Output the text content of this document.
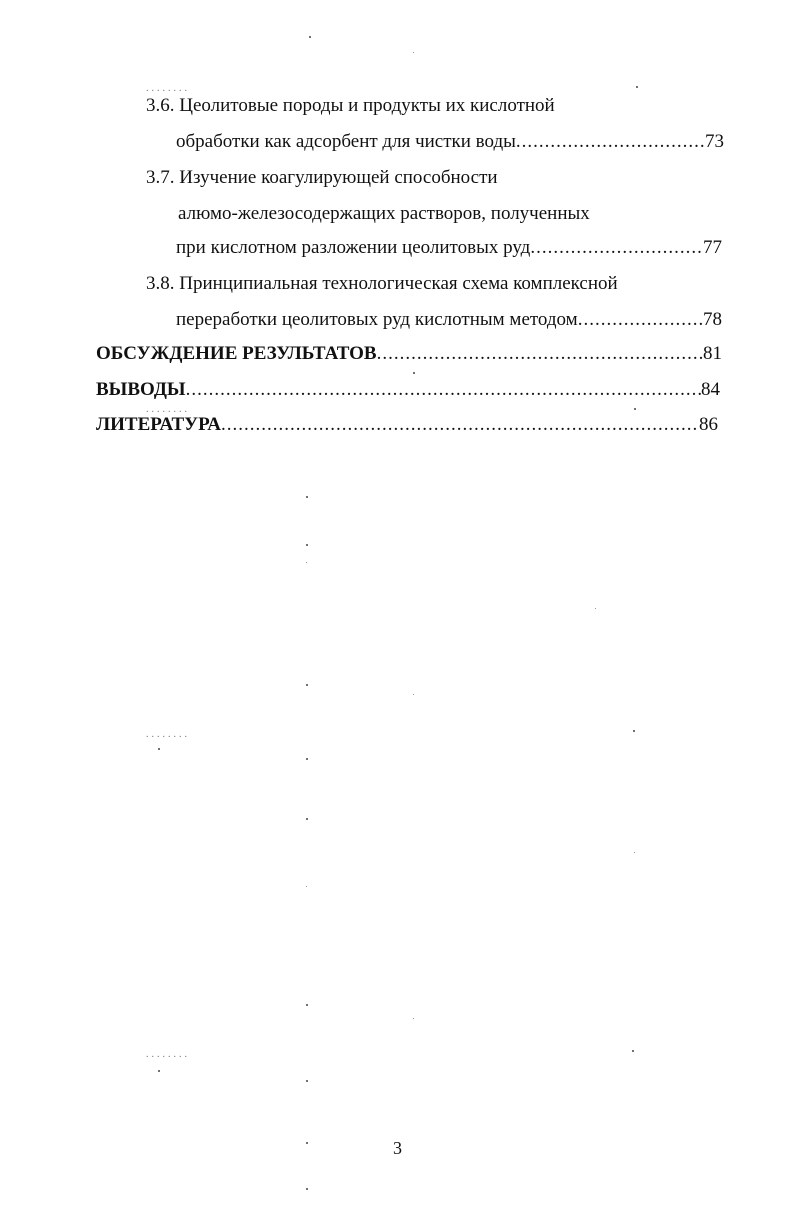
........
........
........
........
3.6. Цеолитовые породы и продукты их кислотной
обработки как адсорбент для чистки воды .....	73
3.7. Изучение коагулирующей способности
алюмо-железосодержащих растворов, полученных
при кислотном разложении цеолитовых руд .....	77
3.8. Принципиальная технологическая схема комплексной
переработки цеолитовых руд кислотным методом .....	78
ОБСУЖДЕНИЕ РЕЗУЛЬТАТОВ .....	81
ВЫВОДЫ .....	84
ЛИТЕРАТУРА .....	86
3
